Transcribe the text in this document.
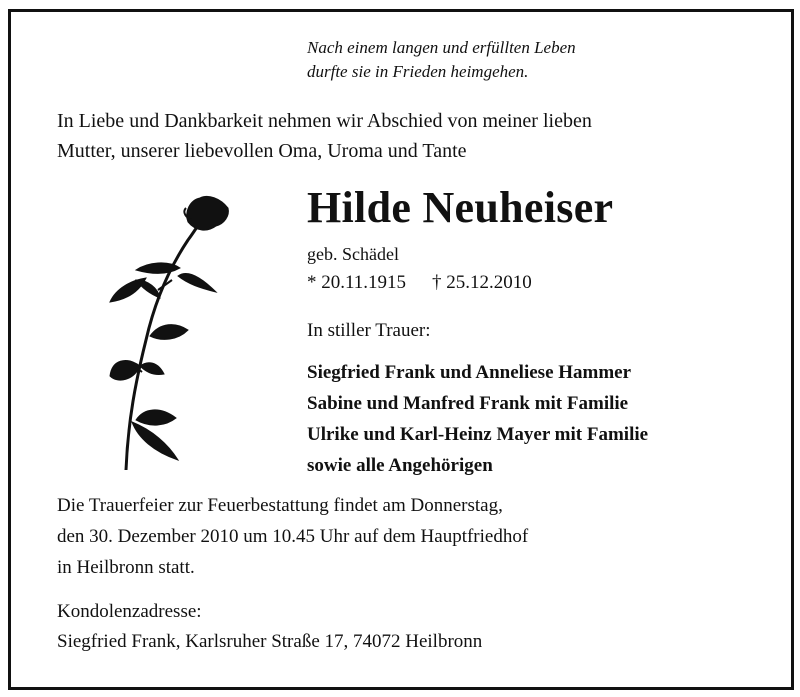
Nach einem langen und erfüllten Leben
durfte sie in Frieden heimgehen.
In Liebe und Dankbarkeit nehmen wir Abschied von meiner lieben
Mutter, unserer liebevollen Oma, Uroma und Tante
Hilde Neuheiser
geb. Schädel
* 20.11.1915 † 25.12.2010
In stiller Trauer:
Siegfried Frank und Anneliese Hammer
Sabine und Manfred Frank mit Familie
Ulrike und Karl-Heinz Mayer mit Familie
sowie alle Angehörigen
Die Trauerfeier zur Feuerbestattung findet am Donnerstag,
den 30. Dezember 2010 um 10.45 Uhr auf dem Hauptfriedhof
in Heilbronn statt.
Kondolenzadresse:
Siegfried Frank, Karlsruher Straße 17, 74072 Heilbronn
